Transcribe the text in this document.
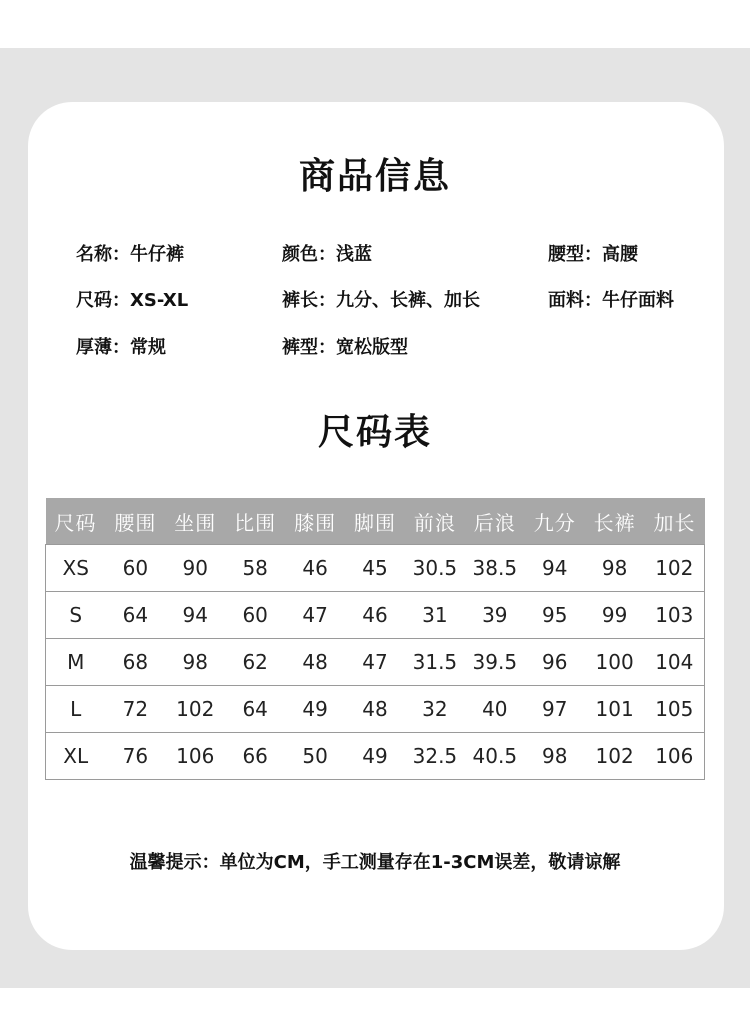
商品信息
名称：牛仔裤	颜色：浅蓝	腰型：高腰
尺码：XS-XL	裤长：九分、长裤、加长	面料：牛仔面料
厚薄：常规	裤型：宽松版型
尺码表
尺码	腰围	坐围	比围	膝围	脚围	前浪	后浪	九分	长裤	加长
XS	60	90	58	46	45	30.5	38.5	94	98	102
S	64	94	60	47	46	31	39	95	99	103
M	68	98	62	48	47	31.5	39.5	96	100	104
L	72	102	64	49	48	32	40	97	101	105
XL	76	106	66	50	49	32.5	40.5	98	102	106
温馨提示：单位为CM，手工测量存在1-3CM误差，敬请谅解
